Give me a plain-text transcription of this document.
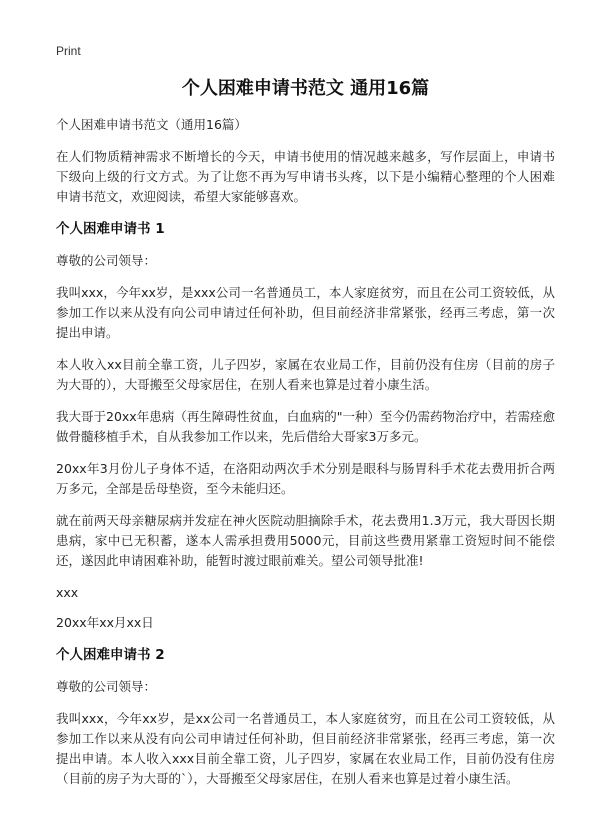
Print
个人困难申请书范文 通用16篇
个人困难申请书范文（通用16篇）
在人们物质精神需求不断增长的今天，申请书使用的情况越来越多，写作层面上，申请书下级向上级的行文方式。为了让您不再为写申请书头疼，以下是小编精心整理的个人困难申请书范文，欢迎阅读，希望大家能够喜欢。
个人困难申请书 1
尊敬的公司领导：
我叫xxx，今年xx岁，是xxx公司一名普通员工，本人家庭贫穷，而且在公司工资较低，从参加工作以来从没有向公司申请过任何补助，但目前经济非常紧张，经再三考虑，第一次提出申请。
本人收入xx目前全靠工资，儿子四岁，家属在农业局工作，目前仍没有住房（目前的房子为大哥的），大哥搬至父母家居住，在别人看来也算是过着小康生活。
我大哥于20xx年患病（再生障碍性贫血，白血病的"一种）至今仍需药物治疗中，若需痊愈做骨髓移植手术，自从我参加工作以来，先后借给大哥家3万多元。
20xx年3月份儿子身体不适，在洛阳动两次手术分别是眼科与肠胃科手术花去费用折合两万多元，全部是岳母垫资，至今未能归还。
就在前两天母亲糖尿病并发症在神火医院动胆摘除手术，花去费用1.3万元，我大哥因长期患病，家中已无积蓄，遂本人需承担费用5000元，目前这些费用紧靠工资短时间不能偿还，遂因此申请困难补助，能暂时渡过眼前难关。望公司领导批准!
xxx
20xx年xx月xx日
个人困难申请书 2
尊敬的公司领导：
我叫xxx，今年xx岁，是xx公司一名普通员工，本人家庭贫穷，而且在公司工资较低，从参加工作以来从没有向公司申请过任何补助，但目前经济非常紧张，经再三考虑，第一次提出申请。本人收入xxx目前全靠工资，儿子四岁，家属在农业局工作，目前仍没有住房（目前的房子为大哥的`），大哥搬至父母家居住，在别人看来也算是过着小康生活。
